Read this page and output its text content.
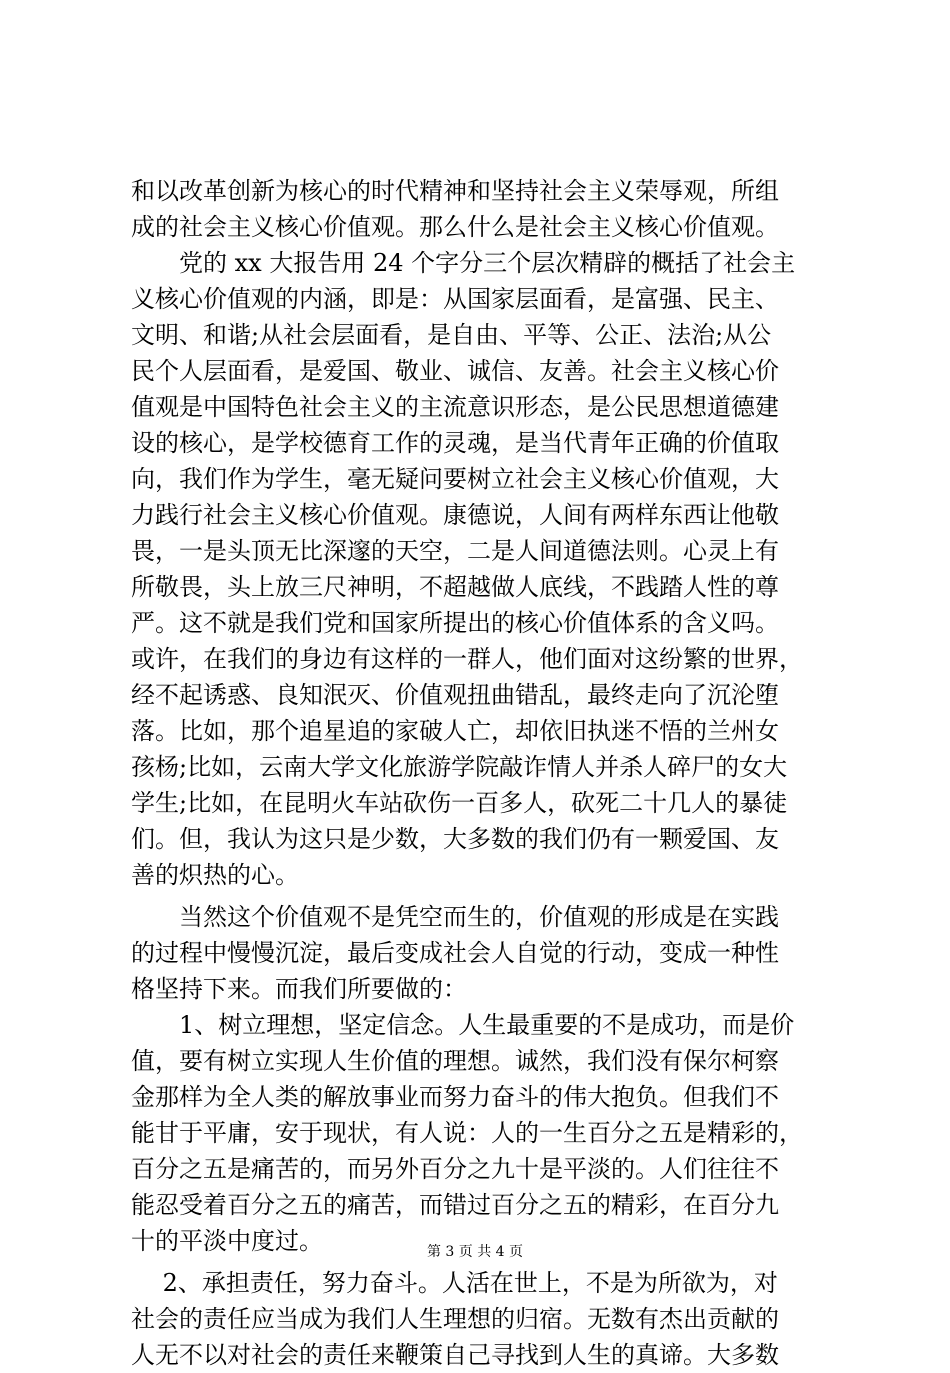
和以改革创新为核心的时代精神和坚持社会主义荣辱观，所组
成的社会主义核心价值观。那么什么是社会主义核心价值观。
　　党的 xx 大报告用 24 个字分三个层次精辟的概括了社会主
义核心价值观的内涵，即是：从国家层面看，是富强、民主、
文明、和谐;从社会层面看，是自由、平等、公正、法治;从公
民个人层面看，是爱国、敬业、诚信、友善。社会主义核心价
值观是中国特色社会主义的主流意识形态，是公民思想道德建
设的核心，是学校德育工作的灵魂，是当代青年正确的价值取
向，我们作为学生，毫无疑问要树立社会主义核心价值观，大
力践行社会主义核心价值观。康德说，人间有两样东西让他敬
畏，一是头顶无比深邃的天空，二是人间道德法则。心灵上有
所敬畏，头上放三尺神明，不超越做人底线，不践踏人性的尊
严。这不就是我们党和国家所提出的核心价值体系的含义吗。
或许，在我们的身边有这样的一群人，他们面对这纷繁的世界，
经不起诱惑、良知泯灭、价值观扭曲错乱，最终走向了沉沦堕
落。比如，那个追星追的家破人亡，却依旧执迷不悟的兰州女
孩杨;比如，云南大学文化旅游学院敲诈情人并杀人碎尸的女大
学生;比如，在昆明火车站砍伤一百多人，砍死二十几人的暴徒
们。但，我认为这只是少数，大多数的我们仍有一颗爱国、友
善的炽热的心。
　　当然这个价值观不是凭空而生的，价值观的形成是在实践
的过程中慢慢沉淀，最后变成社会人自觉的行动，变成一种性
格坚持下来。而我们所要做的：
　　1、树立理想，坚定信念。人生最重要的不是成功，而是价
值，要有树立实现人生价值的理想。诚然，我们没有保尔柯察
金那样为全人类的解放事业而努力奋斗的伟大抱负。但我们不
能甘于平庸，安于现状，有人说：人的一生百分之五是精彩的，
百分之五是痛苦的，而另外百分之九十是平淡的。人们往往不
能忍受着百分之五的痛苦，而错过百分之五的精彩，在百分九
十的平淡中度过。
　 2、承担责任，努力奋斗。人活在世上，不是为所欲为，对
社会的责任应当成为我们人生理想的归宿。无数有杰出贡献的
人无不以对社会的责任来鞭策自己寻找到人生的真谛。大多数
第 3 页 共 4 页
